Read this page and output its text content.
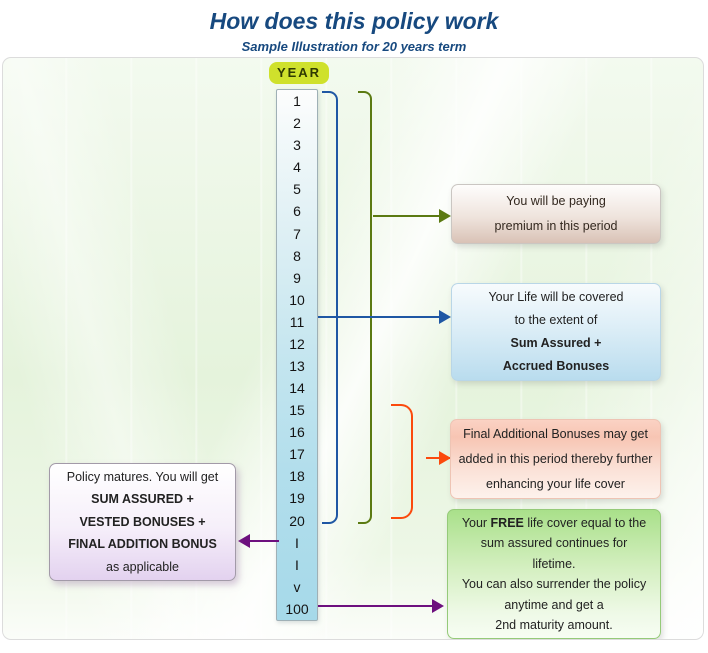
How does this policy work
Sample Illustration for 20 years term
YEAR
1
2
3
4
5
6
7
8
9
10
11
12
13
14
15
16
17
18
19
20
I
I
v
100
You will be paying
premium in this period
Your Life will be covered
to the extent of
Sum Assured +
Accrued Bonuses
Final Additional Bonuses may get
added in this period thereby further
enhancing your life cover
Your FREE life cover equal to the
sum assured continues for
lifetime.
You can also surrender the policy
anytime and get a
2nd maturity amount.
Policy matures. You will get
SUM ASSURED +
VESTED BONUSES +
FINAL ADDITION BONUS
as applicable
